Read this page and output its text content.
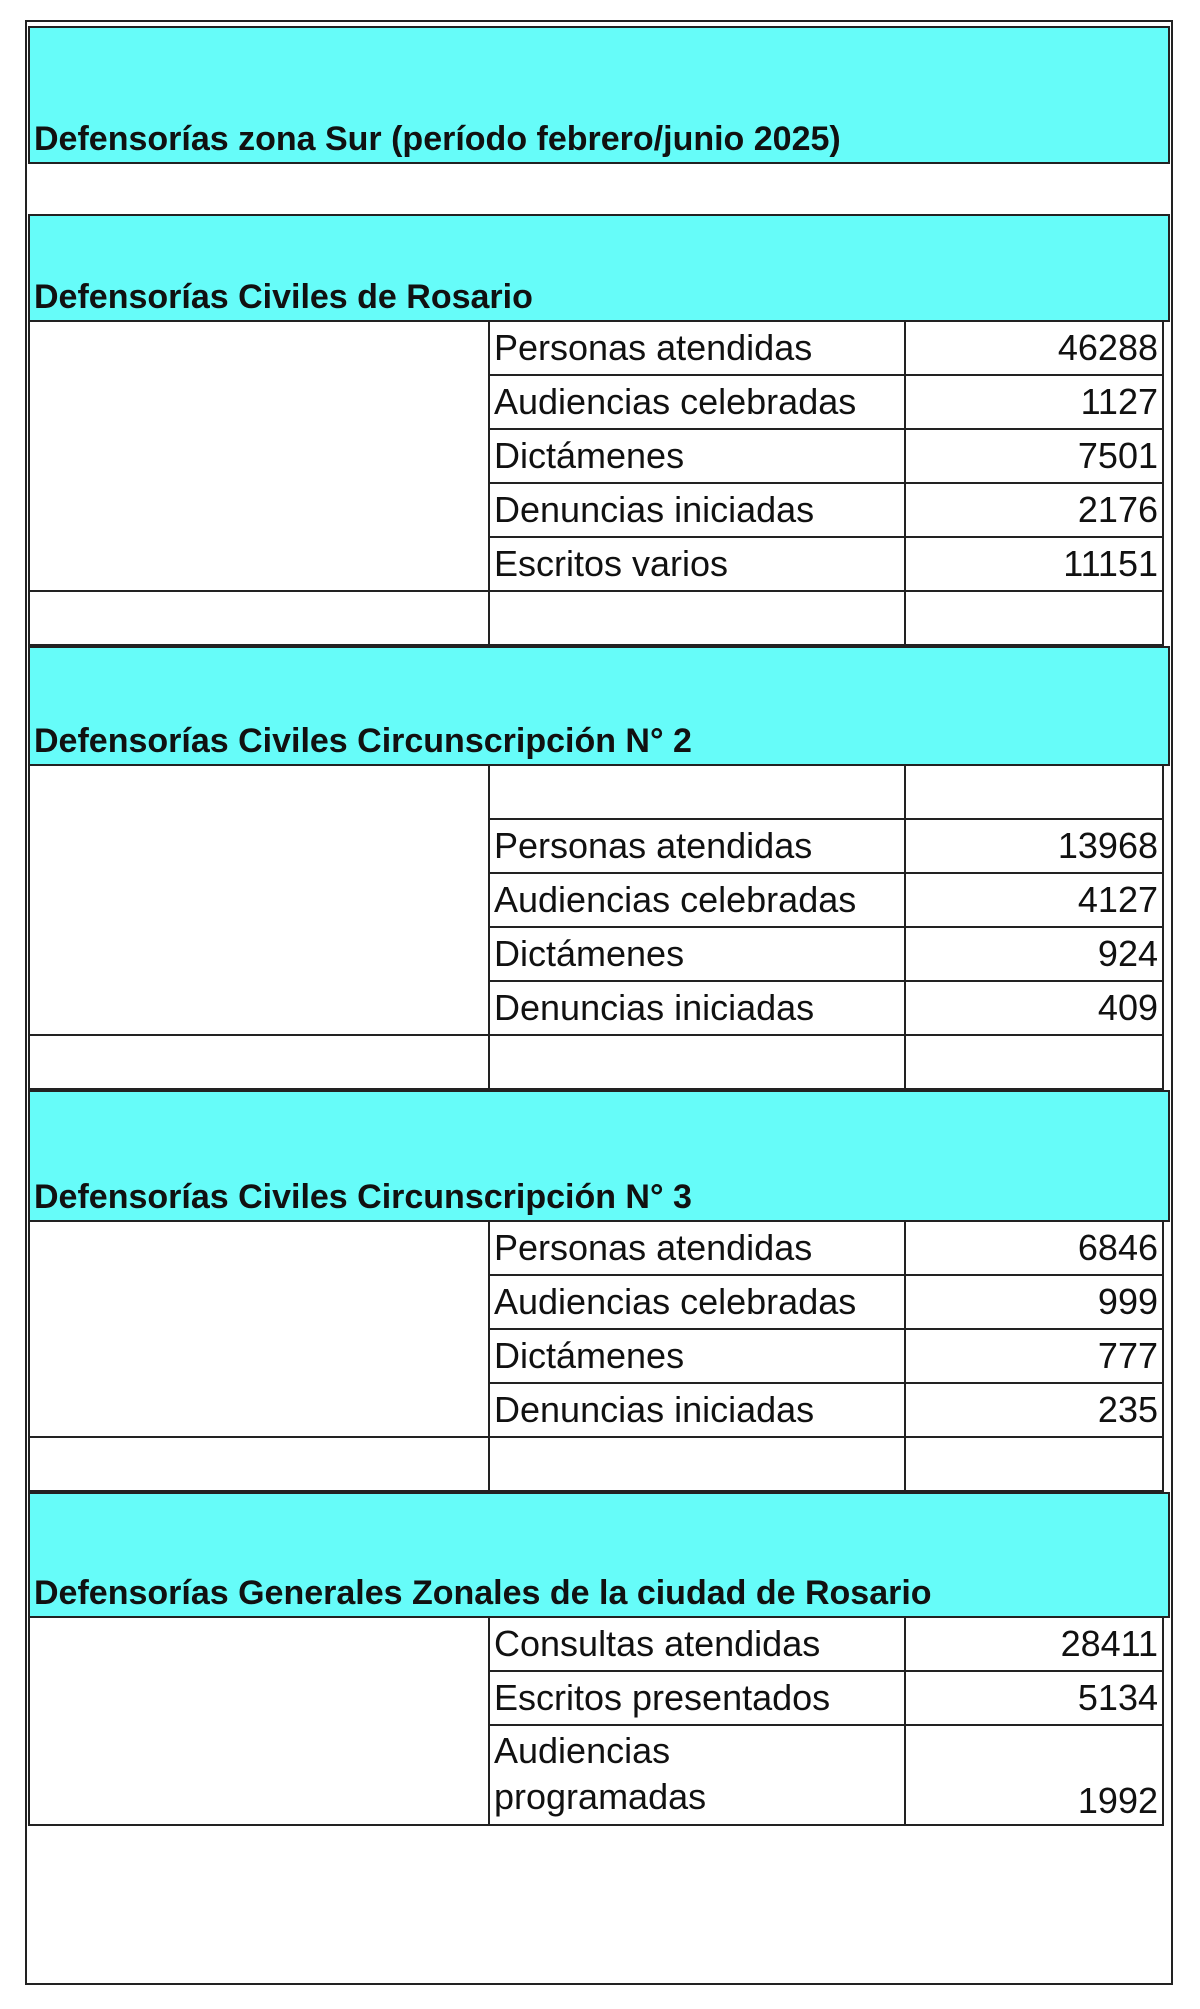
Defensorías zona Sur (período febrero/junio 2025)
Defensorías Civiles de Rosario
Personas atendidas	46288
Audiencias celebradas	1127
Dictámenes	7501
Denuncias iniciadas	2176
Escritos varios	11151
Defensorías Civiles Circunscripción N° 2
Personas atendidas	13968
Audiencias celebradas	4127
Dictámenes	924
Denuncias iniciadas	409
Defensorías Civiles Circunscripción N° 3
Personas atendidas	6846
Audiencias celebradas	999
Dictámenes	777
Denuncias iniciadas	235
Defensorías Generales Zonales de la ciudad de Rosario
Consultas atendidas	28411
Escritos presentados	5134
Audiencias programadas	1992
